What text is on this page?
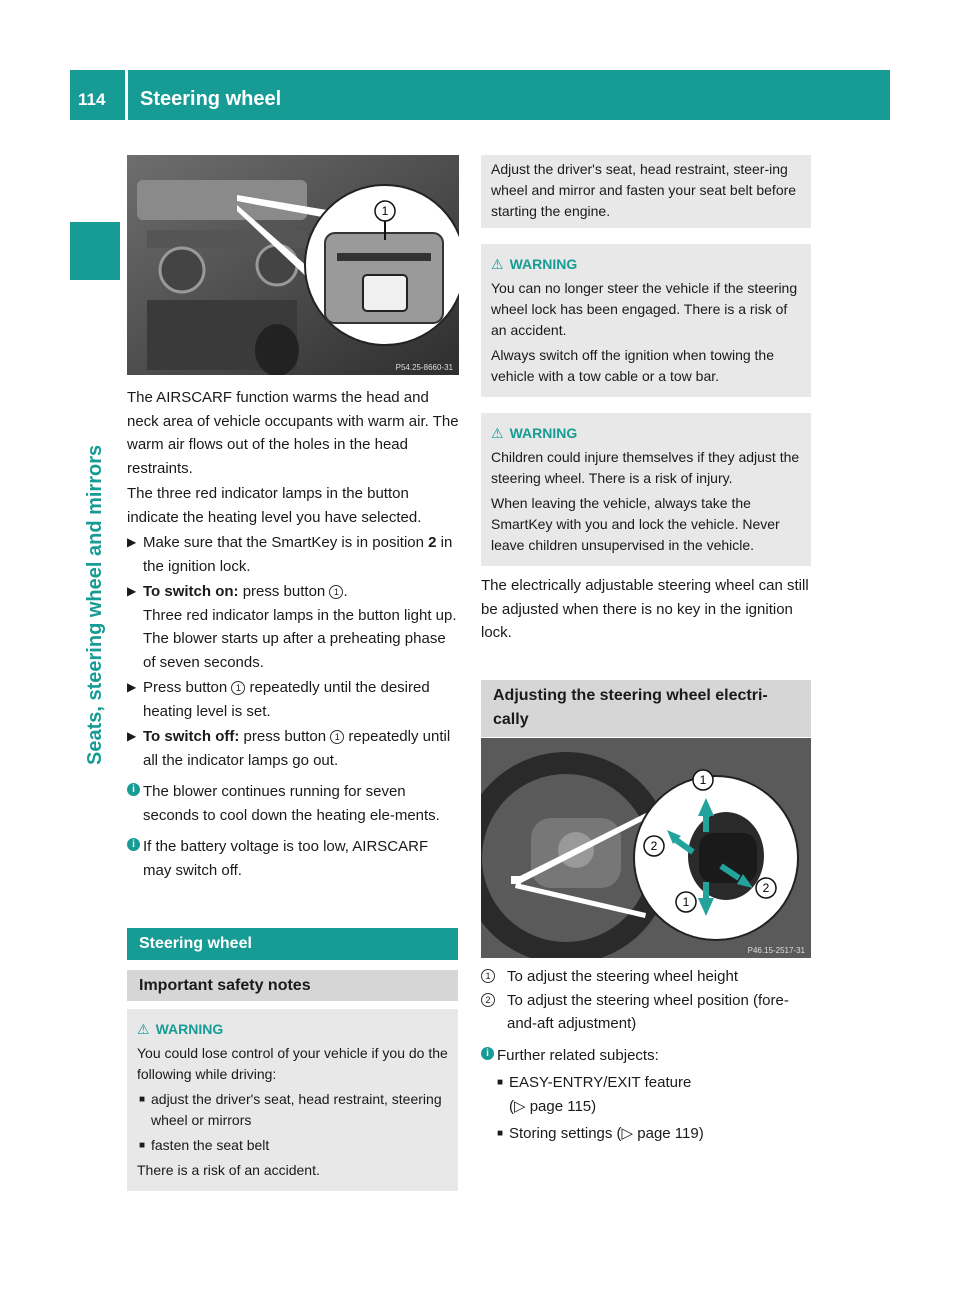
114 Steering wheel
Seats, steering wheel and mirrors
1
P54.25-8660-31

The AIRSCARF function warms the head and neck area of vehicle occupants with warm air. The warm air flows out of the holes in the head restraints.

The three red indicator lamps in the button indicate the heating level you have selected.

▶ Make sure that the SmartKey is in position 2 in the ignition lock.
▶ To switch on: press button 1 .
Three red indicator lamps in the button light up. The blower starts up after a preheating phase of seven seconds.
▶ Press button 1 repeatedly until the desired heating level is set.
▶ To switch off: press button 1 repeatedly until all the indicator lamps go out.
i The blower continues running for seven seconds to cool down the heating ele-ments.
i If the battery voltage is too low, AIRSCARF may switch off.
Steering wheel
Important safety notes
⚠ WARNING

You could lose control of your vehicle if you do the following while driving:

■ adjust the driver's seat, head restraint, steering wheel or mirrors
■ fasten the seat belt

There is a risk of an accident.

Adjust the driver's seat, head restraint, steer-ing wheel and mirror and fasten your seat belt before starting the engine.
⚠ WARNING

You can no longer steer the vehicle if the steering wheel lock has been engaged. There is a risk of an accident.

Always switch off the ignition when towing the vehicle with a tow cable or a tow bar.

⚠ WARNING

Children could injure themselves if they adjust the steering wheel. There is a risk of injury.

When leaving the vehicle, always take the SmartKey with you and lock the vehicle. Never leave children unsupervised in the vehicle.

The electrically adjustable steering wheel can still be adjusted when there is no key in the ignition lock.

Adjusting the steering wheel electri-cally
1
2
1
2
P46.15-2517-31
1	To adjust the steering wheel height
2	To adjust the steering wheel position (fore-and-aft adjustment)
i Further related subjects:
■ EASY-ENTRY/EXIT feature
(▷ page 115)
■ Storing settings (▷ page 119)
